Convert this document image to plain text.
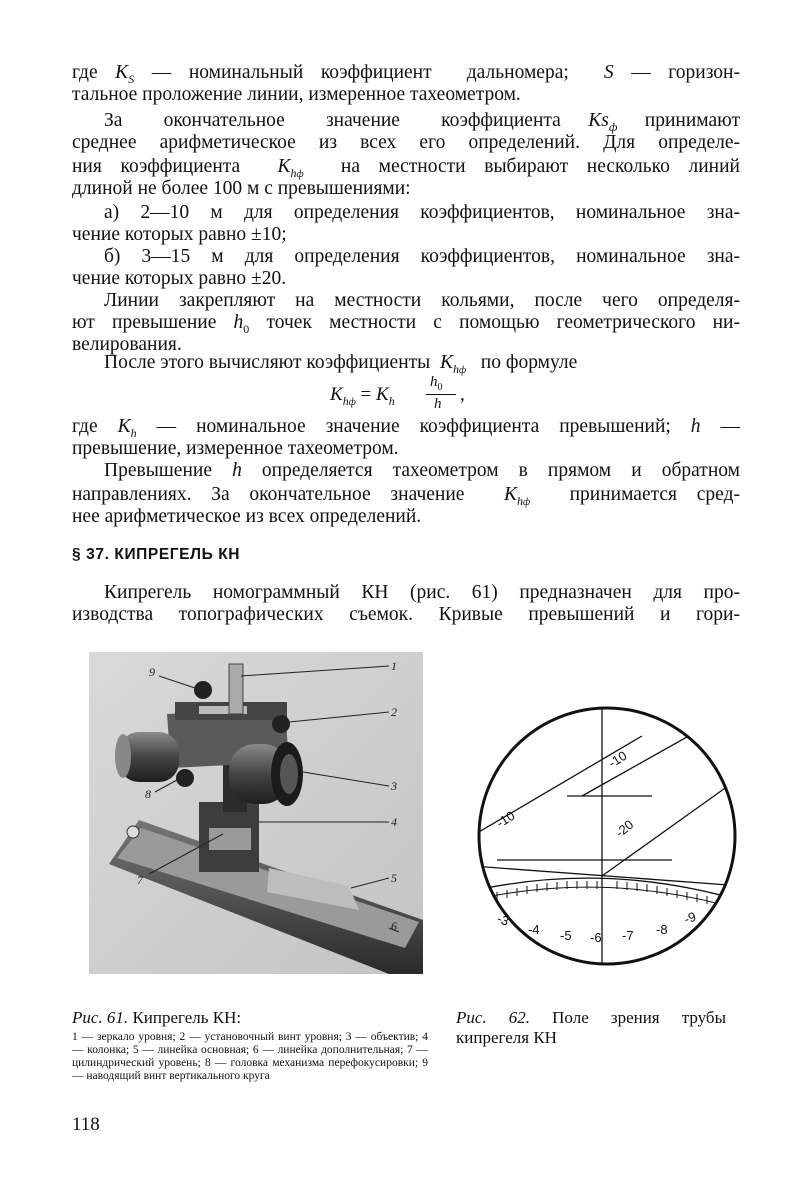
где $K_S$ — номинальный коэффициент  дальномера;  S — горизон-
тальное проложение линии, измеренное тахеометром.
За   окончательное   значение   коэффициента  $Ks_ф$  принимают
среднее арифметическое из всех его определений. Для определе-
ния коэффициента  $K_{hф}$  на местности выбирают несколько линий
длиной не более 100 м с превышениями:
а) 2—10 м для определения коэффициентов, номинальное зна-
чение которых равно ±10;
б) 3—15 м для определения коэффициентов, номинальное зна-
чение которых равно ±20.
Линии закрепляют на местности кольями, после чего определя-
ют превышение $h_0$ точек местности с помощью геометрического ни-
велирования.
После этого вычисляют коэффициенты  $K_{hф}$   по формуле
$K_{hф} = K_h$
$h_0$
h ,
где $K_h$ — номинальное значение коэффициента превышений; h —
превышение, измеренное тахеометром.
Превышение h определяется тахеометром в прямом и обратном
направлениях. За окончательное значение  $K_{hф}$  принимается сред-
нее арифметическое из всех определений.
§ 37. КИПРЕГЕЛЬ КН
Кипрегель номограммный КН (рис. 61) предназначен для про-
изводства топографических съемок. Кривые превышений и гори-
1
2
3
4
5
6
7
8
9
-10
-10	-20
-3
-4 -5 -6 -7 -8
-9
Рис. 61. Кипрегель КН:
1 — зеркало уровня; 2 — установочный винт уровня; 3 — объектив; 4 — колонка; 5 — линейка основная; 6 — линейка дополнительная; 7 — цилиндрический уровень; 8 — головка механизма перефокусировки; 9 — наводящий винт вертикального круга
Рис. 62. Поле зрения трубы
кипрегеля КН
118
